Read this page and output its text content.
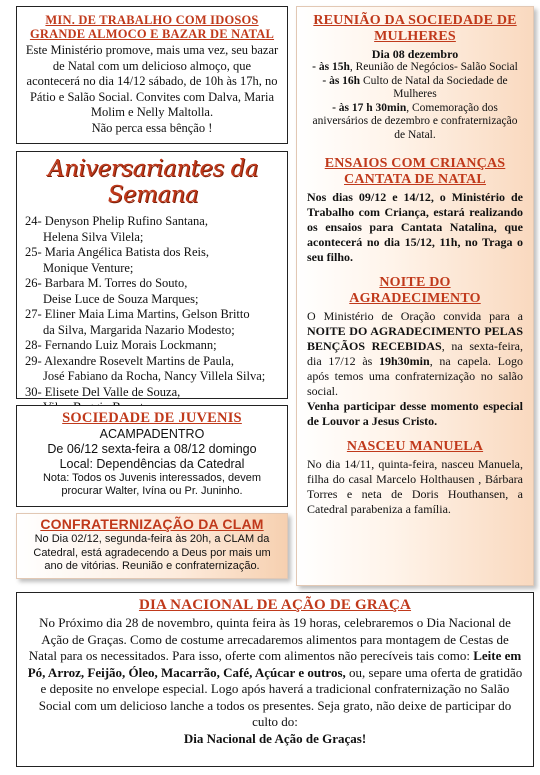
MIN. DE TRABALHO COM IDOSOS
GRANDE ALMOCO E BAZAR DE NATAL

Este Ministério promove, mais uma vez, seu bazar de Natal com um delicioso almoço, que acontecerá no dia 14/12 sábado, de 10h às 17h, no Pátio e Salão Social. Convites com Dalva, Maria Molim e Nelly Maltolla.

Não perca essa bênção !

Aniversariantes da Semana
24- Denyson Phelip Rufino Santana,
Helena Silva Vilela;
25- Maria Angélica Batista dos Reis,
Monique Venture;
26- Barbara M. Torres do Souto,
Deise Luce de Souza Marques;
27- Eliner Maia Lima Martins, Gelson Britto
da Silva, Margarida Nazario Modesto;
28- Fernando Luiz Morais Lockmann;
29- Alexandre Rosevelt Martins de Paula,
José Fabiano da Rocha, Nancy Villela Silva;
30- Elisete Del Valle de Souza,
SOCIEDADE DE JUVENIS
ACAMPADENTRO
De 06/12 sexta-feira a 08/12 domingo
Local: Dependências da Catedral
Nota: Todos os Juvenis interessados, devem procurar Walter, Ivína ou Pr. Juninho.
CONFRATERNIZAÇÃO DA CLAM

No Dia 02/12, segunda-feira às 20h, a CLAM da Catedral, está agradecendo a Deus por mais um ano de vitórias. Reunião e confraternização.

REUNIÃO DA SOCIEDADE DE MULHERES
Dia 08 dezembro

- às 15h, Reunião de Negócios- Salão Social

- às 16h Culto de Natal da Sociedade de Mulheres

- às 17 h 30min, Comemoração dos aniversários de dezembro e confraternização de Natal.

ENSAIOS COM CRIANÇAS CANTATA DE NATAL

Nos dias 09/12 e 14/12, o Ministério de Trabalho com Criança, estará realizando os ensaios para Cantata Natalina, que acontecerá no dia 15/12, 11h, no Traga o seu filho.

NOITE DO AGRADECIMENTO

O Ministério de Oração convida para a NOITE DO AGRADECIMENTO PELAS BENÇÃOS RECEBIDAS, na sexta-feira, dia 17/12 às 19h30min, na capela. Logo após temos uma confraternização no salão social.

Venha participar desse momento especial de Louvor a Jesus Cristo.

NASCEU MANUELA

No dia 14/11, quinta-feira, nasceu Manuela, filha do casal Marcelo Holthausen , Bárbara Torres e neta de Doris Houthansen, a Catedral parabeniza a família.

DIA NACIONAL DE AÇÃO DE GRAÇA

No Próximo dia 28 de novembro, quinta feira às 19 horas, celebraremos o Dia Nacional de Ação de Graças. Como de costume arrecadaremos alimentos para montagem de Cestas de Natal para os necessitados. Para isso, oferte com alimentos não perecíveis tais como: Leite em Pó, Arroz, Feijão, Óleo, Macarrão, Café, Açúcar e outros, ou, separe uma oferta de gratidão e deposite no envelope especial. Logo após haverá a tradicional confraternização no Salão Social com um delicioso lanche a todos os presentes. Seja grato, não deixe de participar do culto do:

Dia Nacional de Ação de Graças!
